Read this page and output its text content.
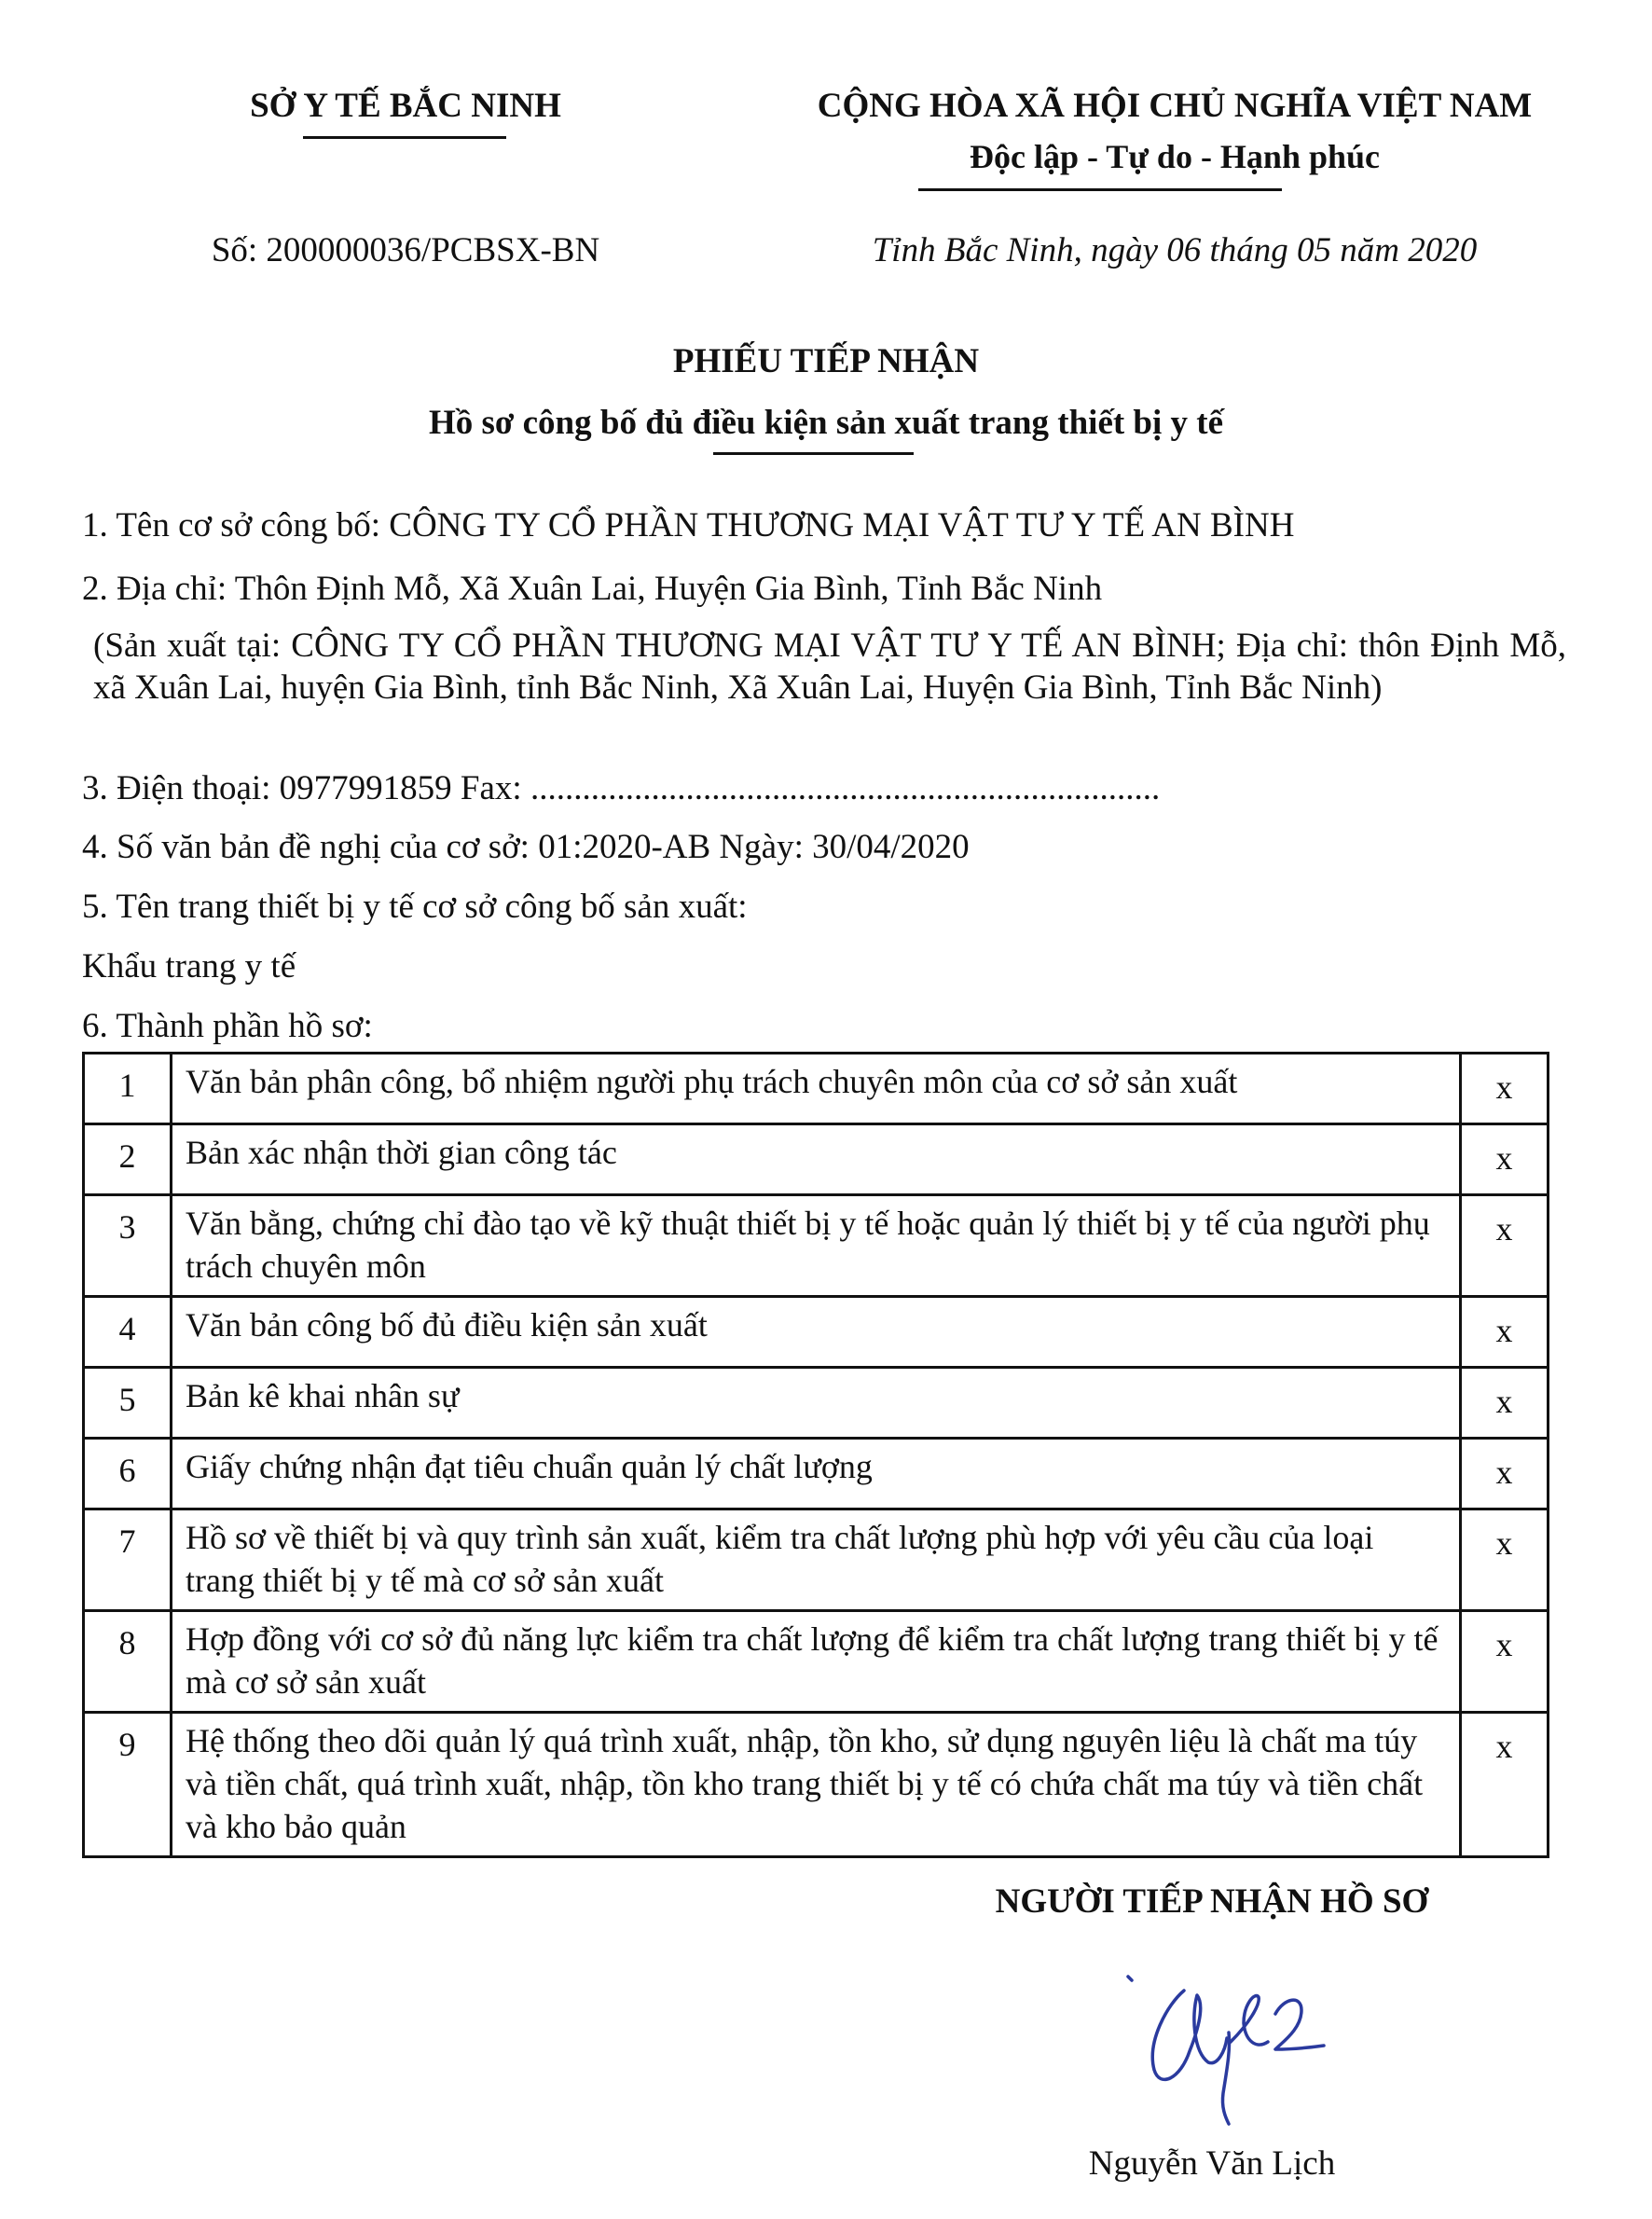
SỞ Y TẾ BẮC NINH	CỘNG HÒA XÃ HỘI CHỦ NGHĨA VIỆT NAM
Độc lập - Tự do - Hạnh phúc
Số: 200000036/PCBSX-BN	Tỉnh Bắc Ninh, ngày 06 tháng 05 năm 2020
PHIẾU TIẾP NHẬN
Hồ sơ công bố đủ điều kiện sản xuất trang thiết bị y tế
1. Tên cơ sở công bố: CÔNG TY CỔ PHẦN THƯƠNG MẠI VẬT TƯ Y TẾ AN BÌNH
2. Địa chỉ: Thôn Định Mỗ, Xã Xuân Lai, Huyện Gia Bình, Tỉnh Bắc Ninh
(Sản xuất tại: CÔNG TY CỔ PHẦN THƯƠNG MẠI VẬT TƯ Y TẾ AN BÌNH; Địa chỉ: thôn Định Mỗ, xã Xuân Lai, huyện Gia Bình, tỉnh Bắc Ninh, Xã Xuân Lai, Huyện Gia Bình, Tỉnh Bắc Ninh)
3. Điện thoại: 0977991859 Fax: .........................................................................
4. Số văn bản đề nghị của cơ sở: 01:2020-AB Ngày: 30/04/2020
5. Tên trang thiết bị y tế cơ sở công bố sản xuất:
Khẩu trang y tế
6. Thành phần hồ sơ:
1	Văn bản phân công, bổ nhiệm người phụ trách chuyên môn của cơ sở sản xuất	x
2	Bản xác nhận thời gian công tác	x
3	Văn bằng, chứng chỉ đào tạo về kỹ thuật thiết bị y tế hoặc quản lý thiết bị y tế của người phụ trách chuyên môn	x
4	Văn bản công bố đủ điều kiện sản xuất	x
5	Bản kê khai nhân sự	x
6	Giấy chứng nhận đạt tiêu chuẩn quản lý chất lượng	x
7	Hồ sơ về thiết bị và quy trình sản xuất, kiểm tra chất lượng phù hợp với yêu cầu của loại trang thiết bị y tế mà cơ sở sản xuất	x
8	Hợp đồng với cơ sở đủ năng lực kiểm tra chất lượng để kiểm tra chất lượng trang thiết bị y tế mà cơ sở sản xuất	x
9	Hệ thống theo dõi quản lý quá trình xuất, nhập, tồn kho, sử dụng nguyên liệu là chất ma túy và tiền chất, quá trình xuất, nhập, tồn kho trang thiết bị y tế có chứa chất ma túy và tiền chất và kho bảo quản	x
NGƯỜI TIẾP NHẬN HỒ SƠ
Nguyễn Văn Lịch
